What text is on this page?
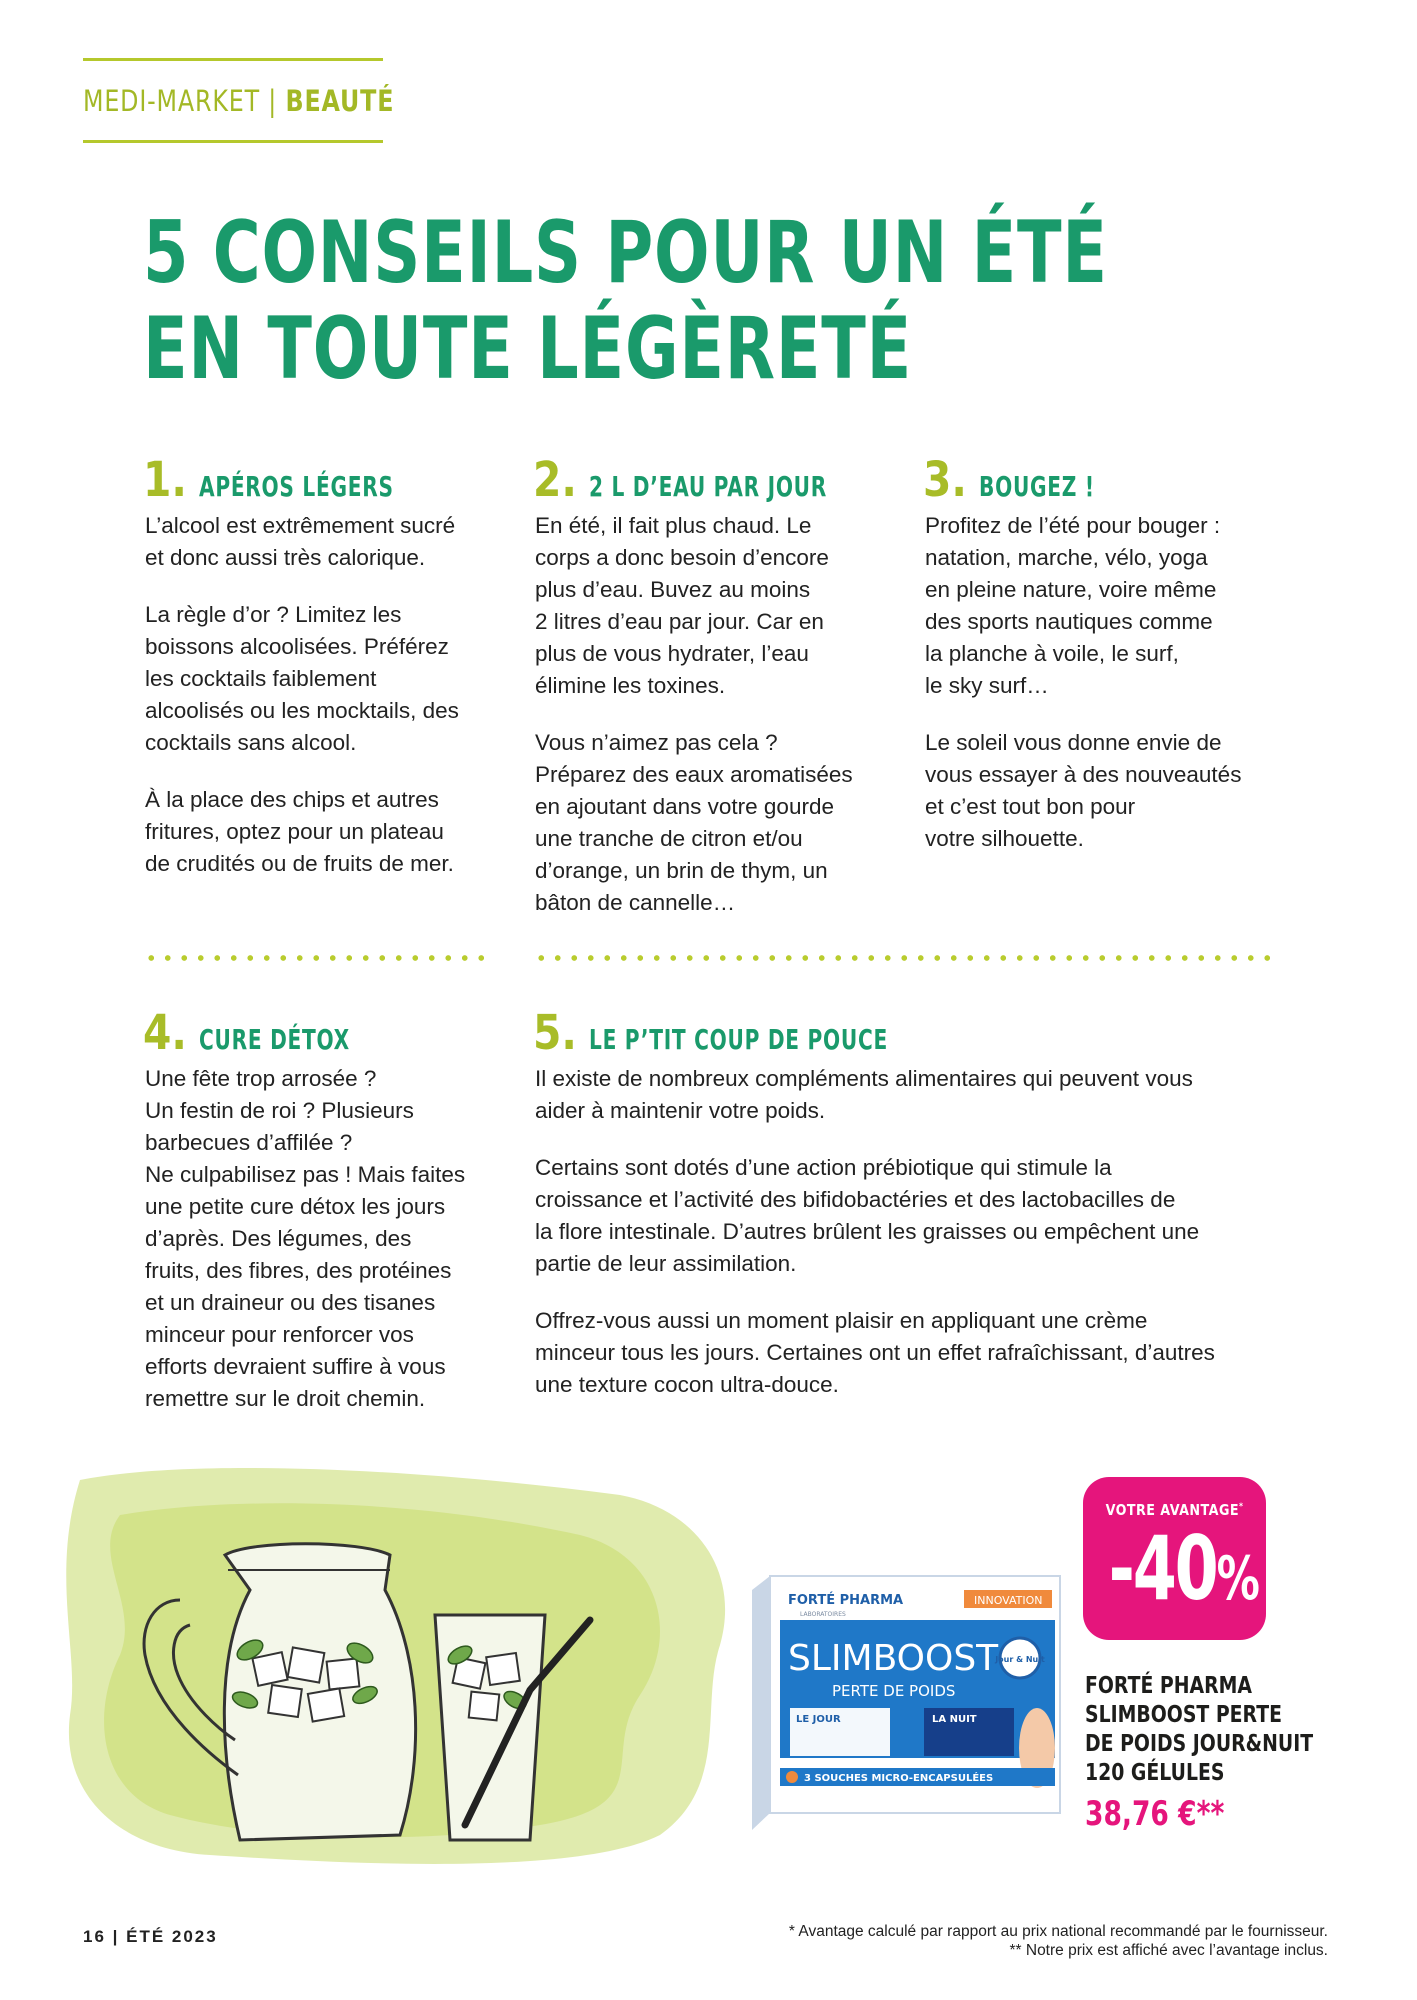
MEDI-MARKET | BEAUTÉ
5 CONSEILS POUR UN ÉTÉ
EN TOUTE LÉGÈRETÉ
1. APÉROS LÉGERS

L’alcool est extrêmement sucré
et donc aussi très calorique.

La règle d’or ? Limitez les
boissons alcoolisées. Préférez
les cocktails faiblement
alcoolisés ou les mocktails, des
cocktails sans alcool.

À la place des chips et autres
fritures, optez pour un plateau
de crudités ou de fruits de mer.

2. 2 L D’EAU PAR JOUR

En été, il fait plus chaud. Le
corps a donc besoin d’encore
plus d’eau. Buvez au moins
2 litres d’eau par jour. Car en
plus de vous hydrater, l’eau
élimine les toxines.

Vous n’aimez pas cela ?
Préparez des eaux aromatisées
en ajoutant dans votre gourde
une tranche de citron et/ou
d’orange, un brin de thym, un
bâton de cannelle…

3. BOUGEZ !

Profitez de l’été pour bouger :
natation, marche, vélo, yoga
en pleine nature, voire même
des sports nautiques comme
la planche à voile, le surf,
le sky surf…

Le soleil vous donne envie de
vous essayer à des nouveautés
et c’est tout bon pour
votre silhouette.

4. CURE DÉTOX

Une fête trop arrosée ?
Un festin de roi ? Plusieurs
barbecues d’affilée ?
Ne culpabilisez pas ! Mais faites
une petite cure détox les jours
d’après. Des légumes, des
fruits, des fibres, des protéines
et un draineur ou des tisanes
minceur pour renforcer vos
efforts devraient suffire à vous
remettre sur le droit chemin.

5. LE P’TIT COUP DE POUCE

Il existe de nombreux compléments alimentaires qui peuvent vous
aider à maintenir votre poids.

Certains sont dotés d’une action prébiotique qui stimule la
croissance et l’activité des bifidobactéries et des lactobacilles de
la flore intestinale. D’autres brûlent les graisses ou empêchent une
partie de leur assimilation.

Offrez-vous aussi un moment plaisir en appliquant une crème
minceur tous les jours. Certaines ont un effet rafraîchissant, d’autres
une texture cocon ultra-douce.

FORTÉ PHARMA
LABORATOIRES
INNOVATION
SLIMBOOST
Jour & Nuit
PERTE DE POIDS
LE JOUR	LA NUIT
3 SOUCHES MICRO-ENCAPSULÉES
VOTRE AVANTAGE*
-40%
FORTÉ PHARMA
SLIMBOOST PERTE
DE POIDS JOUR&NUIT
120 GÉLULES
38,76 €**
16 | ÉTÉ 2023	* Avantage calculé par rapport au prix national recommandé par le fournisseur.
** Notre prix est affiché avec l’avantage inclus.
